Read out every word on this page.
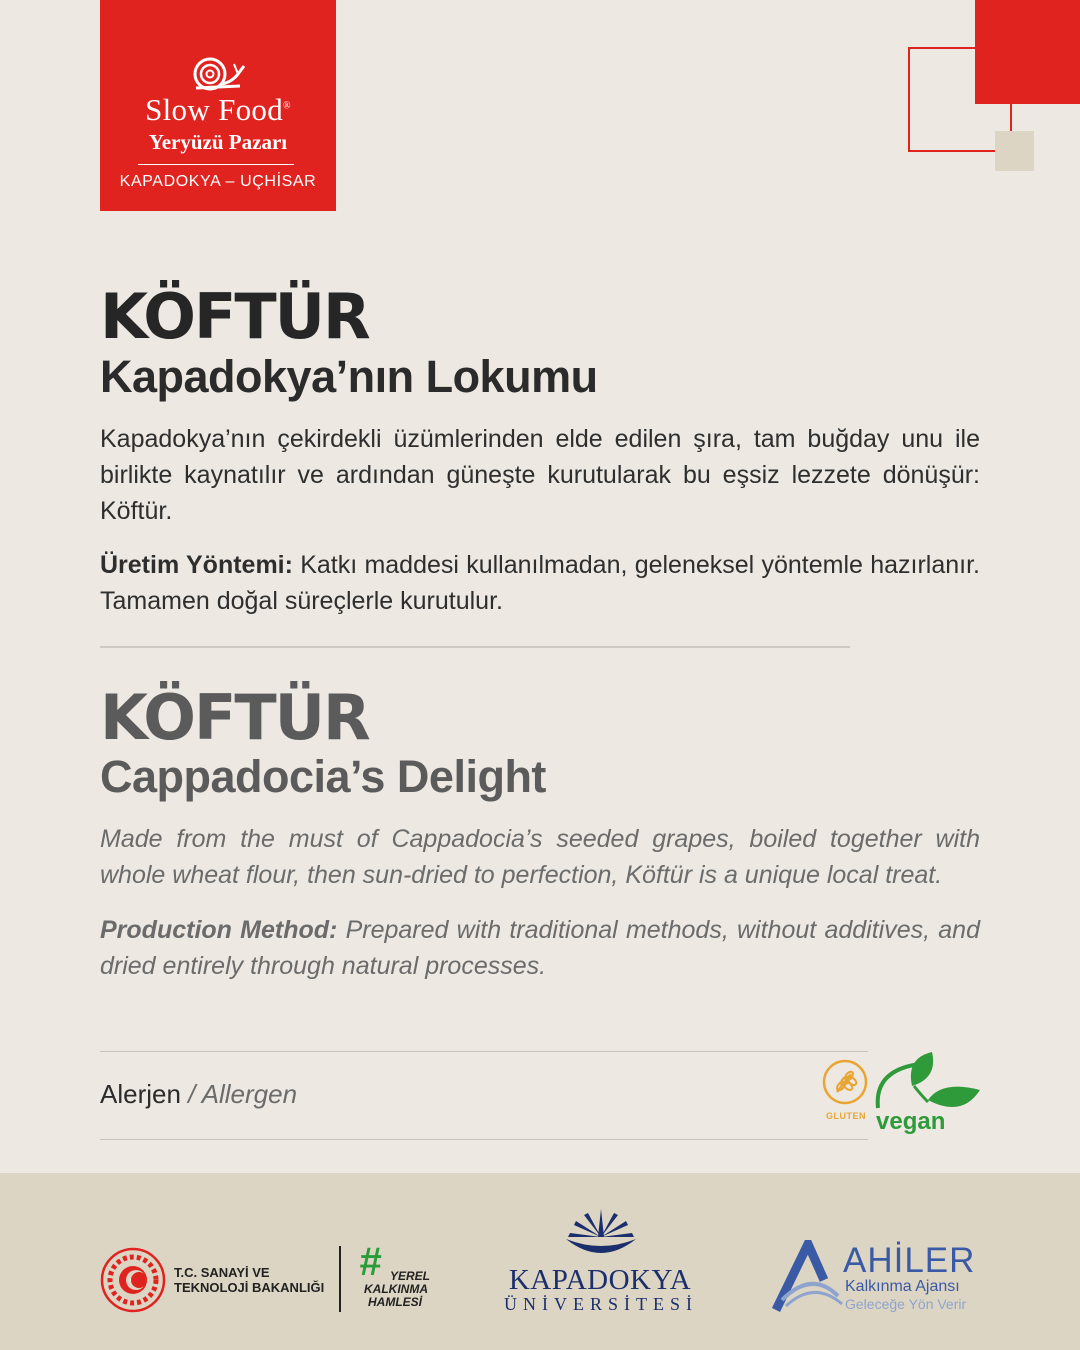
Slow Food®
Yeryüzü Pazarı
KAPADOKYA – UÇHİSAR
KÖFTÜR
Kapadokya’nın Lokumu

Kapadokya’nın çekirdekli üzümlerinden elde edilen şıra, tam buğday unu ile birlikte kaynatılır ve ardından güneşte kurutularak bu eşsiz lezzete dönüşür: Köftür.

Üretim Yöntemi: Katkı maddesi kullanılmadan, geleneksel yöntemle hazırlanır. Tamamen doğal süreçlerle kurutulur.

KÖFTÜR
Cappadocia’s Delight

Made from the must of Cappadocia’s seeded grapes, boiled together with whole wheat flour, then sun-dried to perfection, Köftür is a unique local treat.

Production Method: Prepared with traditional methods, without additives, and dried entirely through natural processes.

Alerjen / Allergen
GLUTEN vegan
T.C. SANAYİ VE
TEKNOLOJİ BAKANLIĞI
# YEREL
KALKINMA
HAMLESİ
KAPADOKYA
ÜNİVERSİTESİ
AHİLER
Kalkınma Ajansı
Geleceğe Yön Verir
